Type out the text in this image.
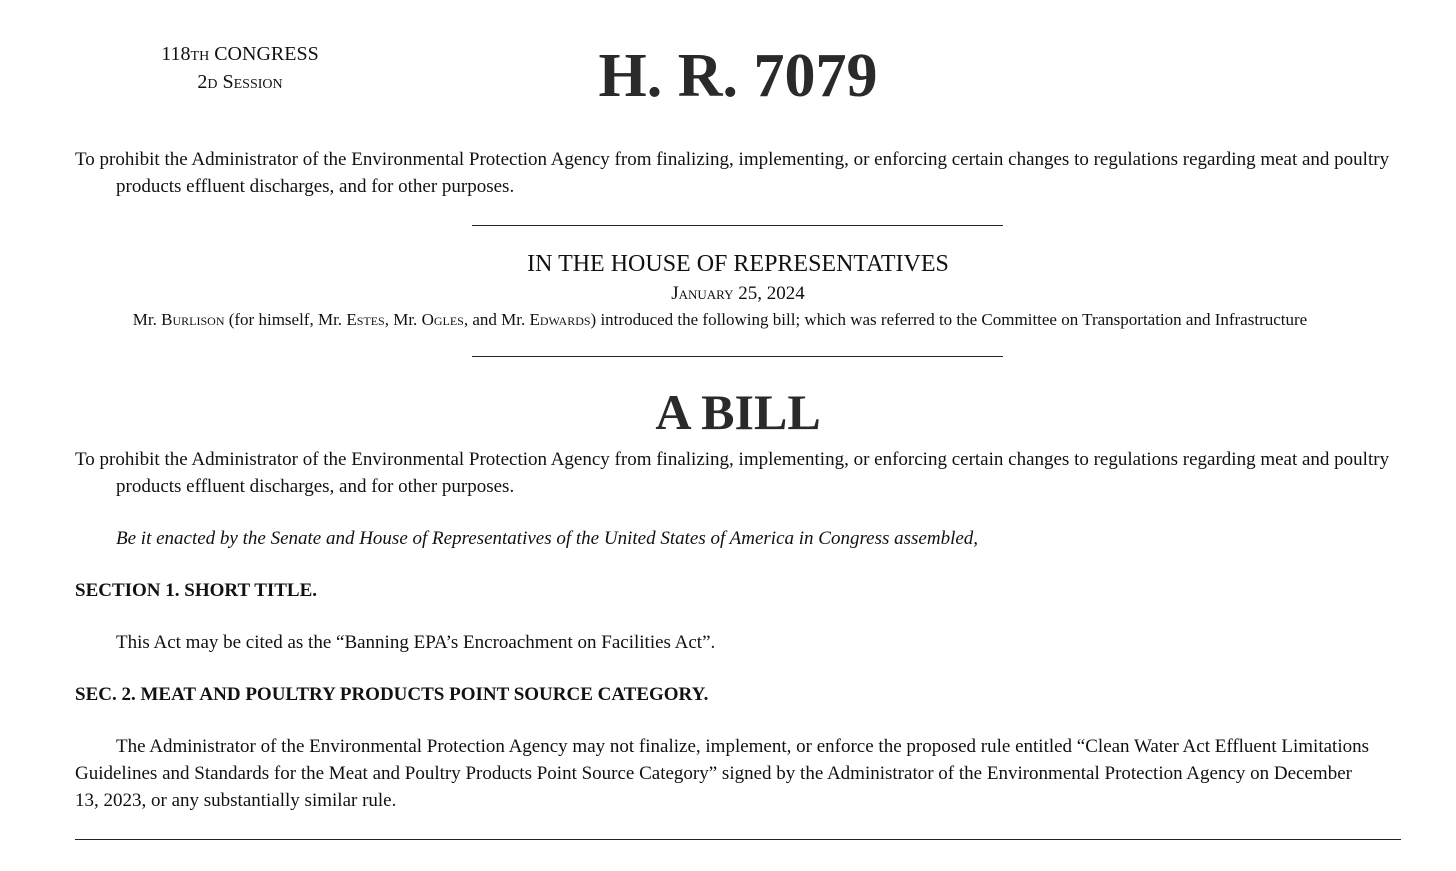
118th CONGRESS
2d Session	H. R. 7079
To prohibit the Administrator of the Environmental Protection Agency from finalizing, implementing, or enforcing certain changes to regulations regarding meat and poultry products effluent discharges, and for other purposes.
IN THE HOUSE OF REPRESENTATIVES
January 25, 2024
Mr. Burlison (for himself, Mr. Estes, Mr. Ogles, and Mr. Edwards) introduced the following bill; which was referred to the Committee on Transportation and Infrastructure
A BILL
To prohibit the Administrator of the Environmental Protection Agency from finalizing, implementing, or enforcing certain changes to regulations regarding meat and poultry products effluent discharges, and for other purposes.
Be it enacted by the Senate and House of Representatives of the United States of America in Congress assembled,
SECTION 1. SHORT TITLE.
This Act may be cited as the “Banning EPA’s Encroachment on Facilities Act”.
SEC. 2. MEAT AND POULTRY PRODUCTS POINT SOURCE CATEGORY.
The Administrator of the Environmental Protection Agency may not finalize, implement, or enforce the proposed rule entitled “Clean Water Act Effluent Limitations Guidelines and Standards for the Meat and Poultry Products Point Source Category” signed by the Administrator of the Environmental Protection Agency on December 13, 2023, or any substantially similar rule.
